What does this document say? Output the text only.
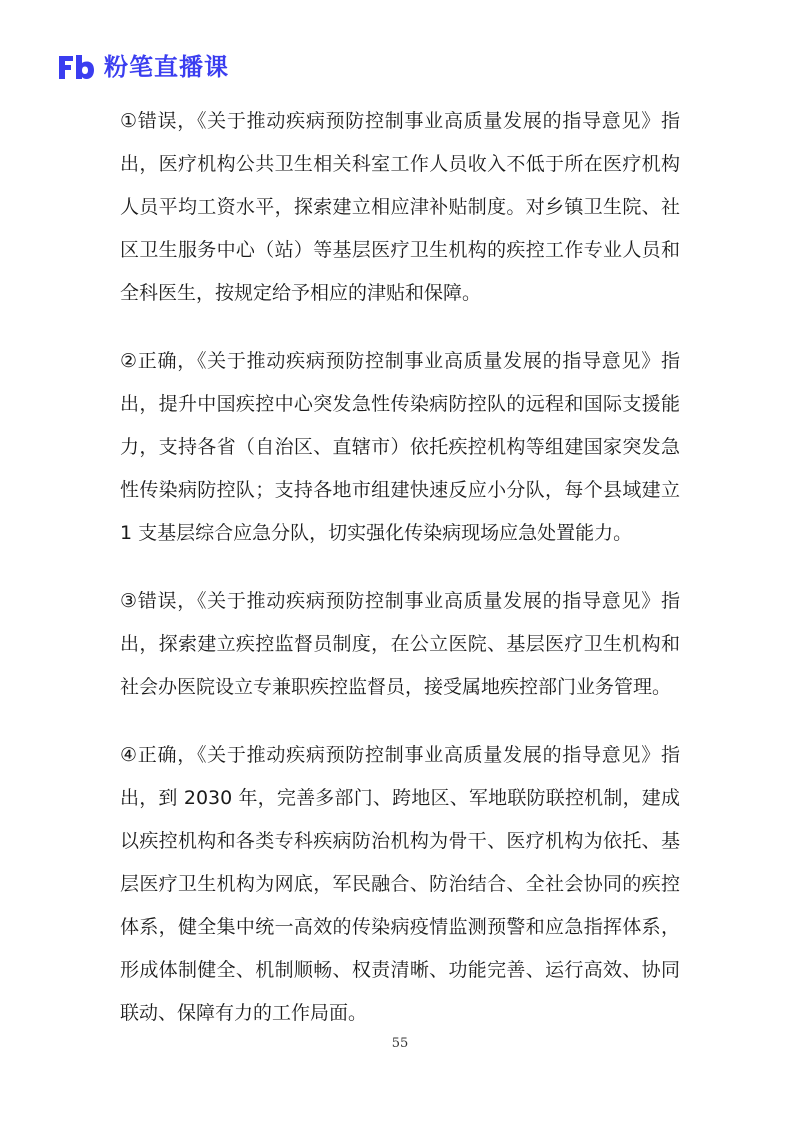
粉笔直播课

①错误，《关于推动疾病预防控制事业高质量发展的指导意见》指出，医疗机构公共卫生相关科室工作人员收入不低于所在医疗机构人员平均工资水平，探索建立相应津补贴制度。对乡镇卫生院、社区卫生服务中心（站）等基层医疗卫生机构的疾控工作专业人员和全科医生，按规定给予相应的津贴和保障。

②正确，《关于推动疾病预防控制事业高质量发展的指导意见》指出，提升中国疾控中心突发急性传染病防控队的远程和国际支援能力，支持各省（自治区、直辖市）依托疾控机构等组建国家突发急性传染病防控队；支持各地市组建快速反应小分队，每个县域建立 1 支基层综合应急分队，切实强化传染病现场应急处置能力。

③错误，《关于推动疾病预防控制事业高质量发展的指导意见》指出，探索建立疾控监督员制度，在公立医院、基层医疗卫生机构和社会办医院设立专兼职疾控监督员，接受属地疾控部门业务管理。

④正确，《关于推动疾病预防控制事业高质量发展的指导意见》指出，到 2030 年，完善多部门、跨地区、军地联防联控机制，建成以疾控机构和各类专科疾病防治机构为骨干、医疗机构为依托、基层医疗卫生机构为网底，军民融合、防治结合、全社会协同的疾控体系，健全集中统一高效的传染病疫情监测预警和应急指挥体系，形成体制健全、机制顺畅、权责清晰、功能完善、运行高效、协同联动、保障有力的工作局面。

55
